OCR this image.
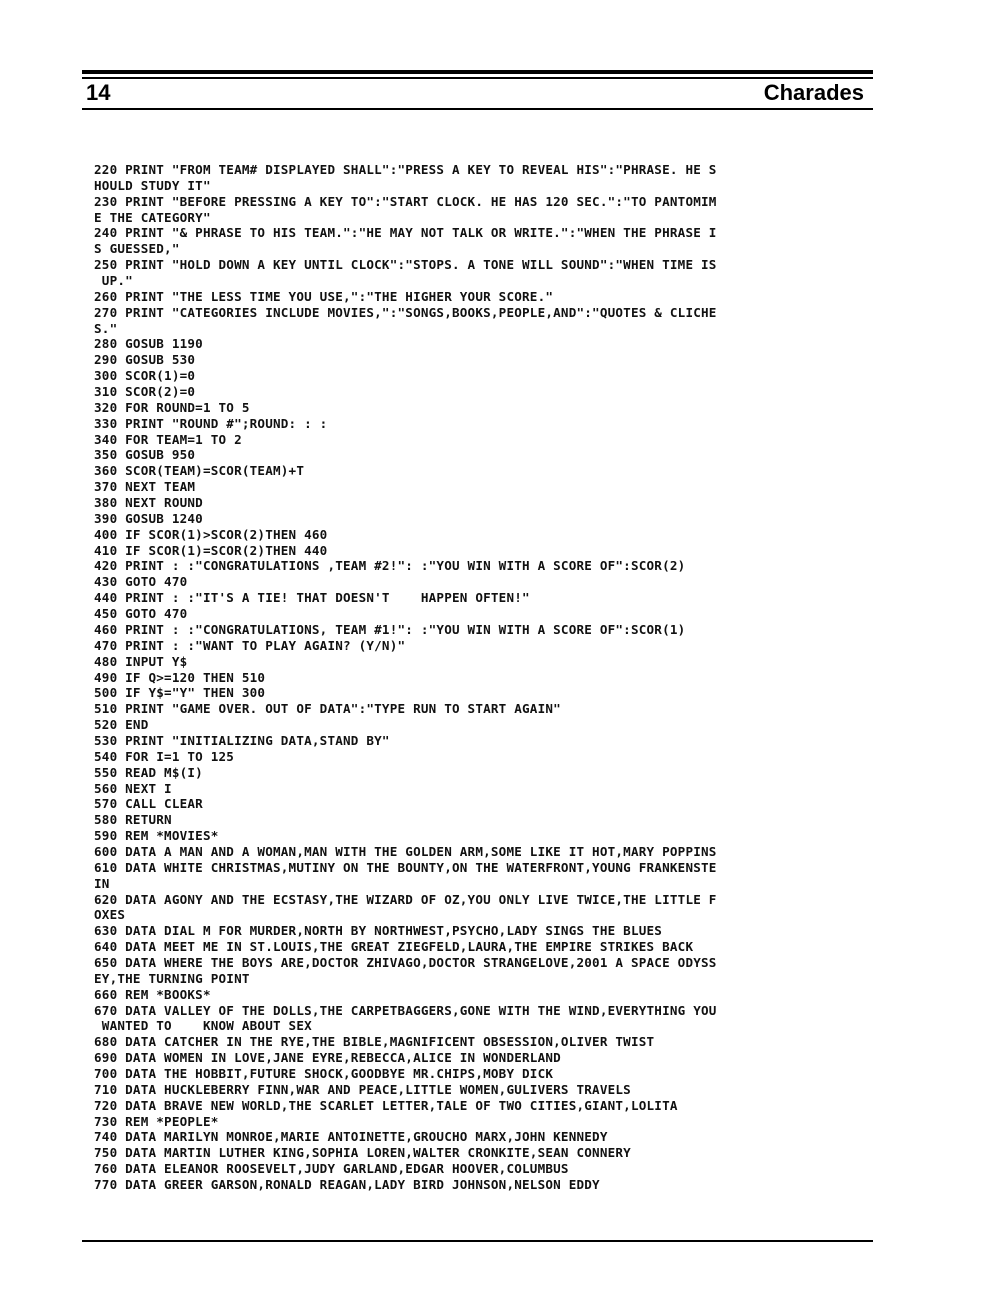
14	Charades
220 PRINT "FROM TEAM# DISPLAYED SHALL":"PRESS A KEY TO REVEAL HIS":"PHRASE. HE S
HOULD STUDY IT"
230 PRINT "BEFORE PRESSING A KEY TO":"START CLOCK. HE HAS 120 SEC.":"TO PANTOMIM
E THE CATEGORY"
240 PRINT "& PHRASE TO HIS TEAM.":"HE MAY NOT TALK OR WRITE.":"WHEN THE PHRASE I
S GUESSED,"
250 PRINT "HOLD DOWN A KEY UNTIL CLOCK":"STOPS. A TONE WILL SOUND":"WHEN TIME IS
UP."
260 PRINT "THE LESS TIME YOU USE,":"THE HIGHER YOUR SCORE."
270 PRINT "CATEGORIES INCLUDE MOVIES,":"SONGS,BOOKS,PEOPLE,AND":"QUOTES & CLICHE
S."
280 GOSUB 1190
290 GOSUB 530
300 SCOR(1)=0
310 SCOR(2)=0
320 FOR ROUND=1 TO 5
330 PRINT "ROUND #";ROUND: : :
340 FOR TEAM=1 TO 2
350 GOSUB 950
360 SCOR(TEAM)=SCOR(TEAM)+T
370 NEXT TEAM
380 NEXT ROUND
390 GOSUB 1240
400 IF SCOR(1)>SCOR(2)THEN 460
410 IF SCOR(1)=SCOR(2)THEN 440
420 PRINT : :"CONGRATULATIONS ,TEAM #2!": :"YOU WIN WITH A SCORE OF":SCOR(2)
430 GOTO 470
440 PRINT : :"IT'S A TIE! THAT DOESN'T    HAPPEN OFTEN!"
450 GOTO 470
460 PRINT : :"CONGRATULATIONS, TEAM #1!": :"YOU WIN WITH A SCORE OF":SCOR(1)
470 PRINT : :"WANT TO PLAY AGAIN? (Y/N)"
480 INPUT Y$
490 IF Q>=120 THEN 510
500 IF Y$="Y" THEN 300
510 PRINT "GAME OVER. OUT OF DATA":"TYPE RUN TO START AGAIN"
520 END
530 PRINT "INITIALIZING DATA,STAND BY"
540 FOR I=1 TO 125
550 READ M$(I)
560 NEXT I
570 CALL CLEAR
580 RETURN
590 REM *MOVIES*
600 DATA A MAN AND A WOMAN,MAN WITH THE GOLDEN ARM,SOME LIKE IT HOT,MARY POPPINS
610 DATA WHITE CHRISTMAS,MUTINY ON THE BOUNTY,ON THE WATERFRONT,YOUNG FRANKENSTE
IN
620 DATA AGONY AND THE ECSTASY,THE WIZARD OF OZ,YOU ONLY LIVE TWICE,THE LITTLE F
OXES
630 DATA DIAL M FOR MURDER,NORTH BY NORTHWEST,PSYCHO,LADY SINGS THE BLUES
640 DATA MEET ME IN ST.LOUIS,THE GREAT ZIEGFELD,LAURA,THE EMPIRE STRIKES BACK
650 DATA WHERE THE BOYS ARE,DOCTOR ZHIVAGO,DOCTOR STRANGELOVE,2001 A SPACE ODYSS
EY,THE TURNING POINT
660 REM *BOOKS*
670 DATA VALLEY OF THE DOLLS,THE CARPETBAGGERS,GONE WITH THE WIND,EVERYTHING YOU
WANTED TO    KNOW ABOUT SEX
680 DATA CATCHER IN THE RYE,THE BIBLE,MAGNIFICENT OBSESSION,OLIVER TWIST
690 DATA WOMEN IN LOVE,JANE EYRE,REBECCA,ALICE IN WONDERLAND
700 DATA THE HOBBIT,FUTURE SHOCK,GOODBYE MR.CHIPS,MOBY DICK
710 DATA HUCKLEBERRY FINN,WAR AND PEACE,LITTLE WOMEN,GULIVERS TRAVELS
720 DATA BRAVE NEW WORLD,THE SCARLET LETTER,TALE OF TWO CITIES,GIANT,LOLITA
730 REM *PEOPLE*
740 DATA MARILYN MONROE,MARIE ANTOINETTE,GROUCHO MARX,JOHN KENNEDY
750 DATA MARTIN LUTHER KING,SOPHIA LOREN,WALTER CRONKITE,SEAN CONNERY
760 DATA ELEANOR ROOSEVELT,JUDY GARLAND,EDGAR HOOVER,COLUMBUS
770 DATA GREER GARSON,RONALD REAGAN,LADY BIRD JOHNSON,NELSON EDDY
